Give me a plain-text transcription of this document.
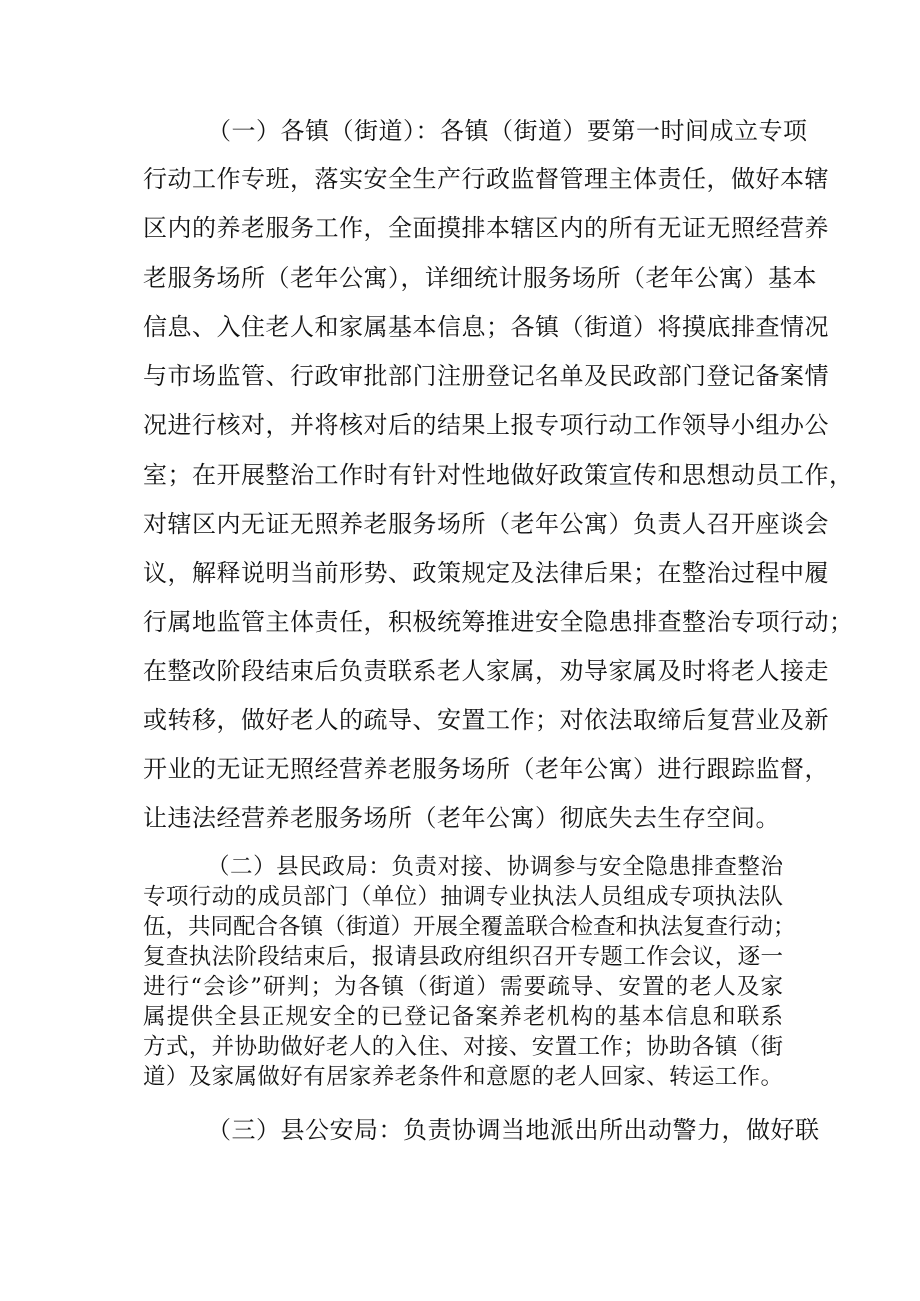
（一）各镇（街道）：各镇（街道）要第一时间成立专项
行动工作专班，落实安全生产行政监督管理主体责任，做好本辖
区内的养老服务工作，全面摸排本辖区内的所有无证无照经营养
老服务场所（老年公寓），详细统计服务场所（老年公寓）基本
信息、入住老人和家属基本信息；各镇（街道）将摸底排查情况
与市场监管、行政审批部门注册登记名单及民政部门登记备案情
况进行核对，并将核对后的结果上报专项行动工作领导小组办公
室；在开展整治工作时有针对性地做好政策宣传和思想动员工作，
对辖区内无证无照养老服务场所（老年公寓）负责人召开座谈会
议，解释说明当前形势、政策规定及法律后果；在整治过程中履
行属地监管主体责任，积极统筹推进安全隐患排查整治专项行动；
在整改阶段结束后负责联系老人家属，劝导家属及时将老人接走
或转移，做好老人的疏导、安置工作；对依法取缔后复营业及新
开业的无证无照经营养老服务场所（老年公寓）进行跟踪监督，
让违法经营养老服务场所（老年公寓）彻底失去生存空间。
（二）县民政局：负责对接、协调参与安全隐患排查整治
专项行动的成员部门（单位）抽调专业执法人员组成专项执法队
伍，共同配合各镇（街道）开展全覆盖联合检查和执法复查行动；
复查执法阶段结束后，报请县政府组织召开专题工作会议，逐一
进行“会诊”研判；为各镇（街道）需要疏导、安置的老人及家
属提供全县正规安全的已登记备案养老机构的基本信息和联系
方式，并协助做好老人的入住、对接、安置工作；协助各镇（街
道）及家属做好有居家养老条件和意愿的老人回家、转运工作。
（三）县公安局：负责协调当地派出所出动警力，做好联
